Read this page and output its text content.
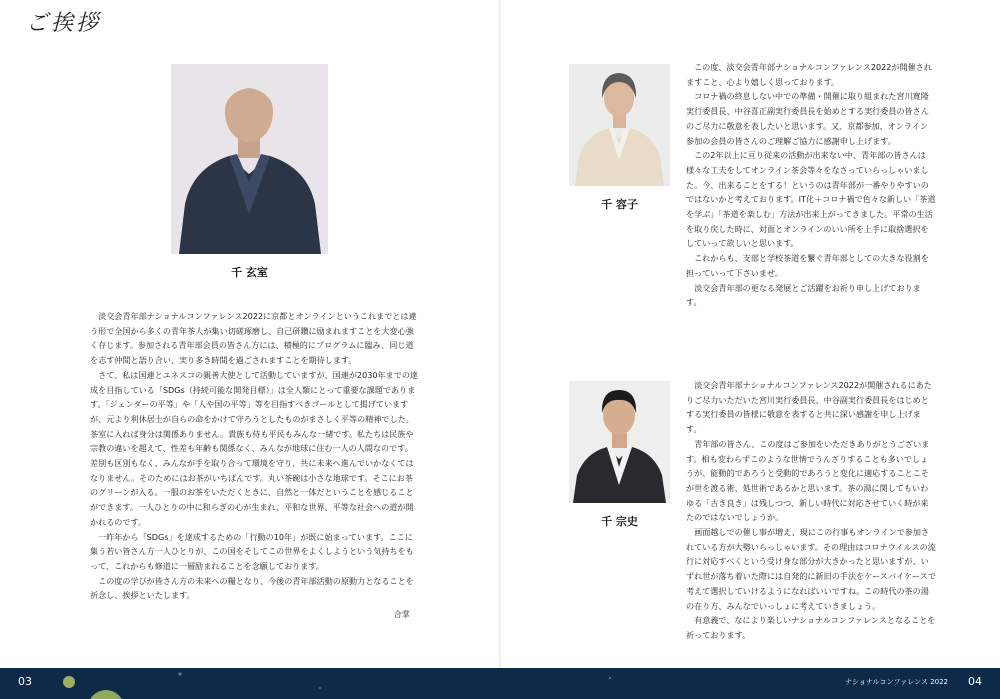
ご挨拶
千 玄室

淡交会青年部ナショナルコンファレンス2022に京都とオンラインというこれまでとは違う形で全国から多くの青年茶人が集い切磋琢磨し、自己研鑽に励まれますことを大変心強く存じます。参加される青年部会員の皆さん方には、積極的にプログラムに臨み、同じ道を志す仲間と語り合い、実り多き時間を過ごされますことを期待します。

さて、私は国連とユネスコの親善大使として活動していますが、国連が2030年までの達成を目指している「SDGs（持続可能な開発目標）」は全人類にとって重要な課題であります。「ジェンダーの平等」や「人や国の平等」等を目指すべきゴールとして掲げていますが、元より利休居士が自らの命をかけて守ろうとしたものがまさしく平等の精神でした。茶室に入れば身分は関係ありません。貴族も侍も平民もみんな一緒です。私たちは民族や宗教の違いを超えて、性差も年齢も関係なく、みんなが地球に住む一人の人間なのです。差別も区別もなく、みんなが手を取り合って環境を守り、共に未来へ進んでいかなくてはなりません。そのためにはお茶がいちばんです。丸い茶碗は小さな地球です。そこにお茶のグリーンが入る。一服のお茶をいただくときに、自然と一体だということを感じることができます。一人ひとりの中に和らぎの心が生まれ、平和な世界、平等な社会への道が開かれるのです。

一昨年から「SDGs」を達成するための「行動の10年」が既に始まっています。ここに集う若い皆さん方一人ひとりが、この国をそしてこの世界をよくしようという気持ちをもって、これからも修道に一層励まれることを念願しております。

この度の学びが皆さん方の未来への糧となり、今後の青年部活動の原動力となることを祈念し、挨拶といたします。

合掌

千 容子

この度、淡交会青年部ナショナルコンファレンス2022が開催されますこと、心より嬉しく思っております。

コロナ禍の終息しない中での準備・開催に取り組まれた宮川寛隆実行委員長、中谷喜正副実行委員長を始めとする実行委員の皆さんのご尽力に敬意を表したいと思います。又、京都参加、オンライン参加の会員の皆さんのご理解ご協力に感謝申し上げます。

この2年以上に亘り従来の活動が出来ない中、青年部の皆さんは様々な工夫をしてオンライン茶会等々をなさっていらっしゃいました。今、出来ることをする！というのは青年部が一番やりやすいのではないかと考えております。IT化＋コロナ禍で色々な新しい「茶道を学ぶ」「茶道を楽しむ」方法が出来上がってきました。平常の生活を取り戻した時に、対面とオンラインのいい所を上手に取捨選択をしていって欲しいと思います。

これからも、支部と学校茶道を繋ぐ青年部としての大きな役割を担っていって下さいませ。

淡交会青年部の更なる発展とご活躍をお祈り申し上げております。

千 宗史

淡交会青年部ナショナルコンファレンス2022が開催されるにあたりご尽力いただいた宮川実行委員長、中谷副実行委員長をはじめとする実行委員の皆様に敬意を表すると共に深い感謝を申し上げます。

青年部の皆さん、この度はご参加をいただきありがとうございます。相も変わらずこのような世情でうんざりすることも多いでしょうが、能動的であろうと受動的であろうと変化に適応することこそが世を渡る術、処世術であるかと思います。茶の湯に関してもいわゆる「古き良き」は残しつつ、新しい時代に対応させていく時が来たのではないでしょうか。

画面越しでの催し事が増え、現にこの行事もオンラインで参加されている方が大勢いらっしゃいます。その理由はコロナウイルスの流行に対応すべくという受け身な部分が大きかったと思いますが、いずれ世が落ち着いた際には自発的に新旧の手法をケースバイケースで考えて選択していけるようになればいいですね。この時代の茶の湯の在り方、みんなでいっしょに考えていきましょう。

有意義で、なにより楽しいナショナルコンファレンスとなることを祈っております。

03	ナショナルコンファレンス 2022 04
